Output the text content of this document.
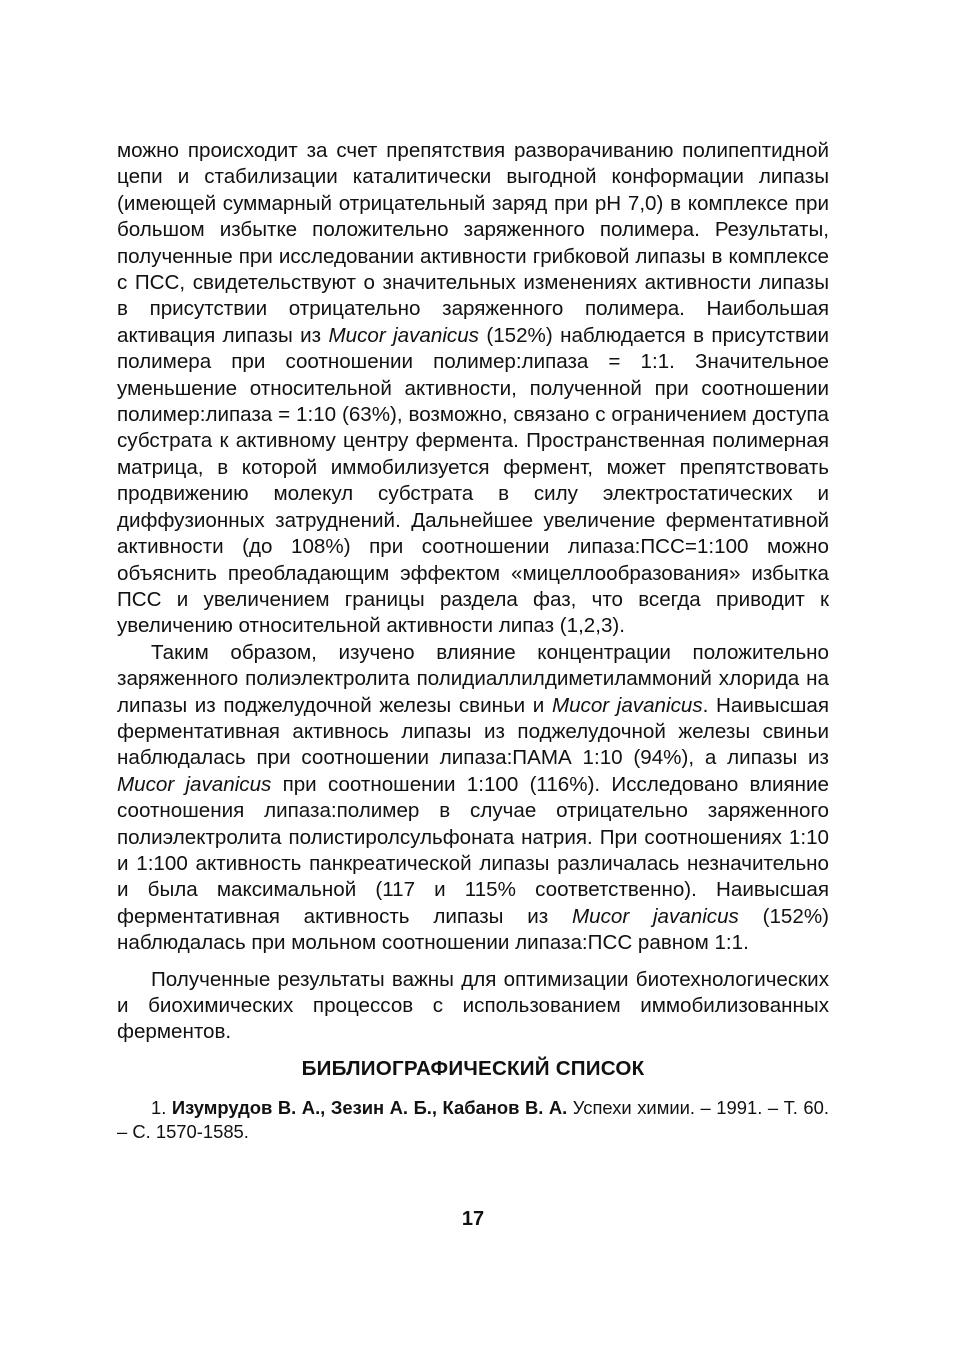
можно происходит за счет препятствия разворачиванию полипептидной цепи и стабилизации каталитически выгодной конформации липазы (имеющей суммарный отрицательный заряд при pH 7,0) в комплексе при большом избытке положительно заряженного полимера. Результаты, полученные при исследовании активности грибковой липазы в комплексе с ПСС, свидетельствуют о значительных изменениях активности липазы в присутствии отрицательно заряженного полимера. Наибольшая активация липазы из Mucor javanicus (152%) наблюдается в присутствии полимера при соотношении полимер:липаза = 1:1. Значительное уменьшение относительной активности, полученной при соотношении полимер:липаза = 1:10 (63%), возможно, связано с ограничением доступа субстрата к активному центру фермента. Пространственная полимерная матрица, в которой иммобилизуется фермент, может препятствовать продвижению молекул субстрата в силу электростатических и диффузионных затруднений. Дальнейшее увеличение ферментативной активности (до 108%) при соотношении липаза:ПСС=1:100 можно объяснить преобладающим эффектом «мицеллообразования» избытка ПСС и увеличением границы раздела фаз, что всегда приводит к увеличению относительной активности липаз (1,2,3).

Таким образом, изучено влияние концентрации положительно заряженного полиэлектролита полидиаллилдиметиламмоний хлорида на липазы из поджелудочной железы свиньи и Mucor javanicus. Наивысшая ферментативная активнось липазы из поджелудочной железы свиньи наблюдалась при соотношении липаза:ПАМА 1:10 (94%), а липазы из Mucor javanicus при соотношении 1:100 (116%). Исследовано влияние соотношения липаза:полимер в случае отрицательно заряженного полиэлектролита полистиролсульфоната натрия. При соотношениях 1:10 и 1:100 активность панкреатической липазы различалась незначительно и была максимальной (117 и 115% соответственно). Наивысшая ферментативная активность липазы из Mucor javanicus (152%) наблюдалась при мольном соотношении липаза:ПСС равном 1:1.

Полученные результаты важны для оптимизации биотехнологических и биохимических процессов с использованием иммобилизованных ферментов.

БИБЛИОГРАФИЧЕСКИЙ СПИСОК

1. Изумрудов В. А., Зезин А. Б., Кабанов В. А. Успехи химии. – 1991. – Т. 60. – С. 1570-1585.

17
